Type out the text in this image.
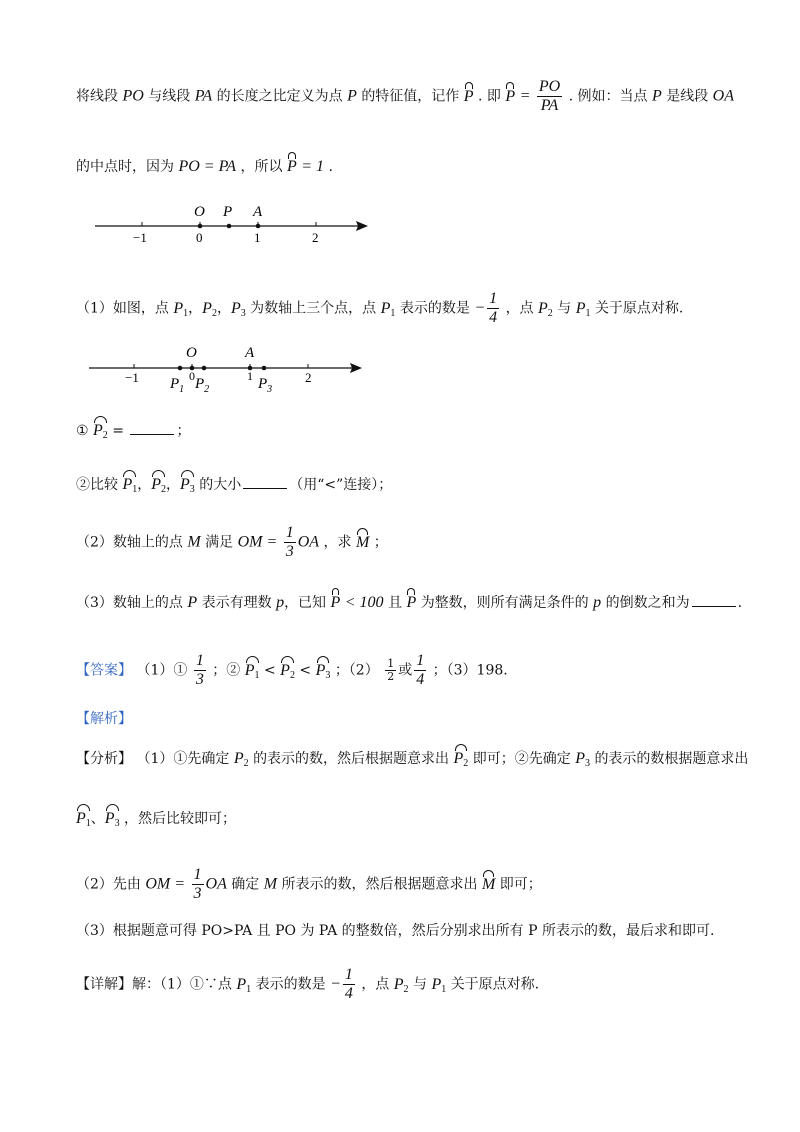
将线段 PO 与线段 PA 的长度之比定义为点 P 的特征值，记作 P . 即 $P = \frac{PO}{PA}$ . 例如：当点 P 是线段 OA
的中点时，因为 PO = PA ，所以 P = 1 .
O P A
−1	0	1	2
（1）如图，点 $P_1$，$P_2$，$P_3$ 为数轴上三个点，点 $P_1$ 表示的数是 − $\frac{1}{4}$ ，点 $P_2$ 与 $P_1$ 关于原点对称.
O	A
−1	0	1	2
$P_1$ $P_2$	$P_3$
① $P_2$ =	；
②比较 $P_1$，$P_2$，$P_3$ 的大小	（用“<”连接）；
（2）数轴上的点 M 满足 OM = $\frac{1}{3}$ OA ，求 M ；
（3）数轴上的点 P 表示有理数 p，已知 P < 100 且 P 为整数，则所有满足条件的 p 的倒数之和为	.
【答案】 （1）① $\frac{1}{3}$ ；② $P_1 < P_2 < P_3$ ；$(2) \frac{1}{2}$ 或 $\frac{1}{4}$ ；（3）198.
【解析】
【分析】 （1）①先确定 $P_2$ 的表示的数，然后根据题意求出 $P_2$ 即可；②先确定 $P_3$ 的表示的数根据题意求出
$P_1$、$P_3$ ，然后比较即可；
（2）先由 OM = $\frac{1}{3}$ OA 确定 M 所表示的数，然后根据题意求出 M 即可；
（3）根据题意可得 PO>PA 且 PO 为 PA 的整数倍，然后分别求出所有 P 所表示的数，最后求和即可.
【详解】解：（1）①∵点 $P_1$ 表示的数是 − $\frac{1}{4}$ ，点 $P_2$ 与 $P_1$ 关于原点对称.
